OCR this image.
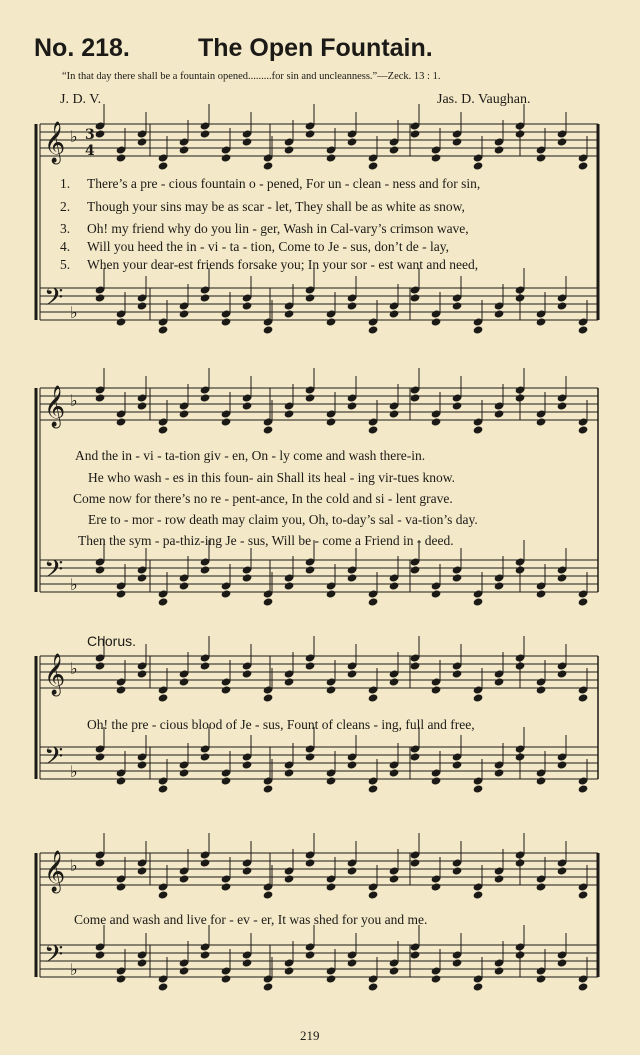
No. 218.	The Open Fountain.
“In that day there shall be a fountain opened.........for sin and uncleanness.”—Zeck. 13 : 1.
J. D. V.	Jas. D. Vaughan.
𝄞 ♭ 3
4
𝄢 ♭
𝄞 ♭
𝄢 ♭
𝄞 ♭
𝄢 ♭
𝄞 ♭
𝄢 ♭
1. There’s a pre - cious fountain o - pened, For un - clean - ness and for sin,
2. Though your sins may be as scar - let, They shall be as white as snow,
3. Oh! my friend why do you lin - ger, Wash in Cal-vary’s crimson wave,
4. Will you heed the in - vi - ta - tion, Come to Je - sus, don’t de - lay,
5. When your dear-est friends forsake you; In your sor - est want and need,
And the in - vi - ta-tion giv - en, On - ly come and wash there-in.
He who wash - es in this foun- ain Shall its heal - ing vir-tues know.
Come now for there’s no re - pent-ance, In the cold and si - lent grave.
Ere to - mor - row death may claim you, Oh, to-day’s sal - va-tion’s day.
Then the sym - pa-thiz-ing Je - sus, Will be - come a Friend in - deed.
Chorus.
Oh! the pre - cious blood of Je - sus, Fount of cleans - ing, full and free,
Come and wash and live for - ev - er, It was shed for you and me.
219
